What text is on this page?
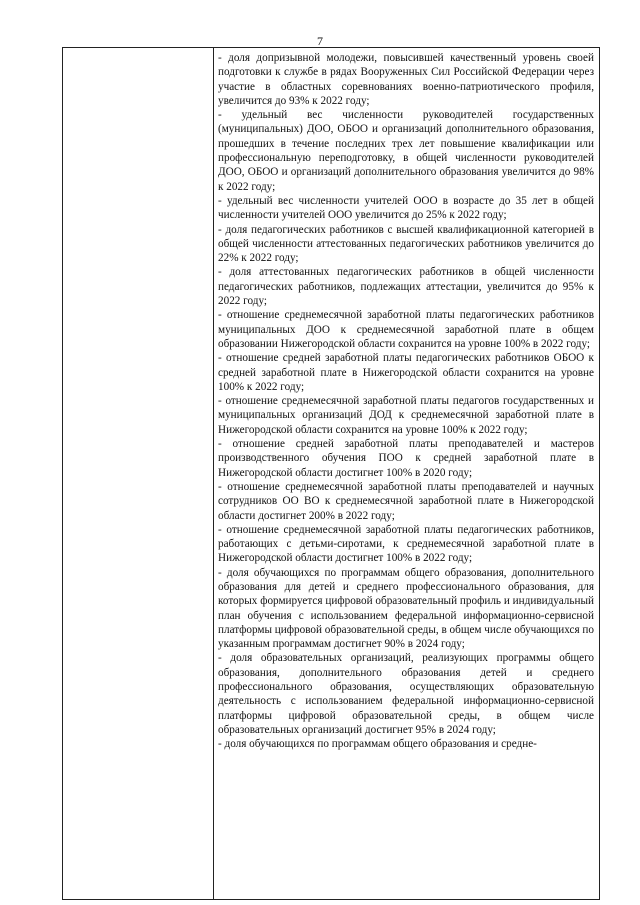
7

- доля допризывной молодежи, повысившей качественный уровень своей подготовки к службе в рядах Вооруженных Сил Российской Федерации через участие в областных соревнованиях военно-патриотического профиля, увеличится до 93% к 2022 году;

- удельный вес численности руководителей государственных (муниципальных) ДОО, ОБОО и организаций дополнительного образования, прошедших в течение последних трех лет повышение квалификации или профессиональную переподготовку, в общей численности руководителей ДОО, ОБОО и организаций дополнительного образования увеличится до 98% к 2022 году;

- удельный вес численности учителей ООО в возрасте до 35 лет в общей численности учителей ООО увеличится до 25% к 2022 году;

- доля педагогических работников с высшей квалификационной категорией в общей численности аттестованных педагогических работников увеличится до 22% к 2022 году;

- доля аттестованных педагогических работников в общей численности педагогических работников, подлежащих аттестации, увеличится до 95% к 2022 году;

- отношение среднемесячной заработной платы педагогических работников муниципальных ДОО к среднемесячной заработной плате в общем образовании Нижегородской области сохранится на уровне 100% в 2022 году;

- отношение средней заработной платы педагогических работников ОБОО к средней заработной плате в Нижегородской области сохранится на уровне 100% к 2022 году;

- отношение среднемесячной заработной платы педагогов государственных и муниципальных организаций ДОД к среднемесячной заработной плате в Нижегородской области сохранится на уровне 100% к 2022 году;

- отношение средней заработной платы преподавателей и мастеров производственного обучения ПОО к средней заработной плате в Нижегородской области достигнет 100% в 2020 году;

- отношение среднемесячной заработной платы преподавателей и научных сотрудников ОО ВО к среднемесячной заработной плате в Нижегородской области достигнет 200% в 2022 году;

- отношение среднемесячной заработной платы педагогических работников, работающих с детьми-сиротами, к среднемесячной заработной плате в Нижегородской области достигнет 100% в 2022 году;

- доля обучающихся по программам общего образования, дополнительного образования для детей и среднего профессионального образования, для которых формируется цифровой образовательный профиль и индивидуальный план обучения с использованием федеральной информационно-сервисной платформы цифровой образовательной среды, в общем числе обучающихся по указанным программам достигнет 90% в 2024 году;

- доля образовательных организаций, реализующих программы общего образования, дополнительного образования детей и среднего профессионального образования, осуществляющих образовательную деятельность с использованием федеральной информационно-сервисной платформы цифровой образовательной среды, в общем числе образовательных организаций достигнет 95% в 2024 году;

- доля обучающихся по программам общего образования и средне-
